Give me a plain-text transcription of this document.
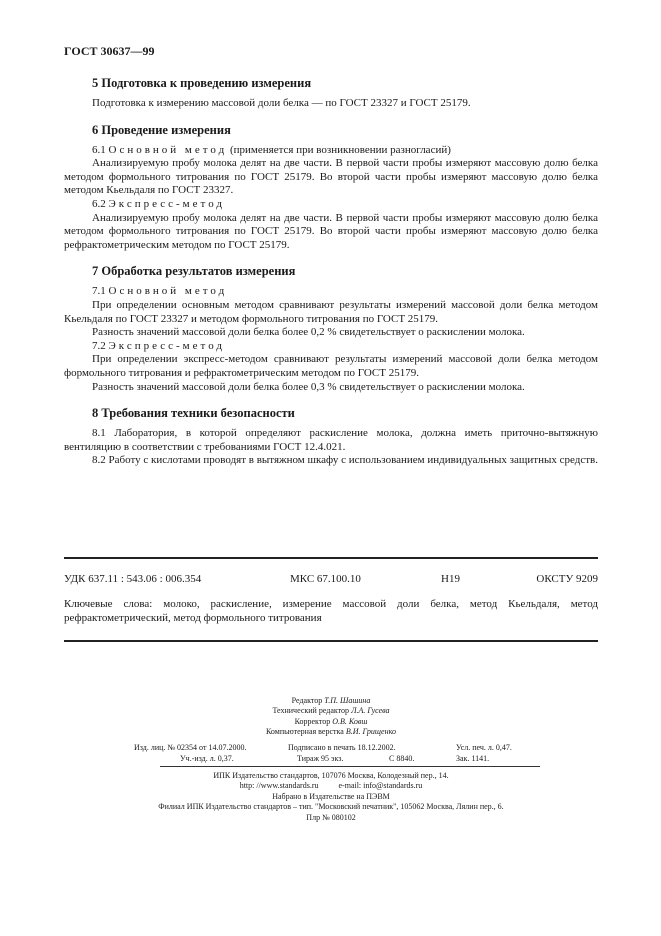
ГОСТ 30637—99
5 Подготовка к проведению измерения

Подготовка к измерению массовой доли белка — по ГОСТ 23327 и ГОСТ 25179.

6 Проведение измерения
6.1 Основной метод (применяется при возникновении разногласий)

Анализируемую пробу молока делят на две части. В первой части пробы измеряют массовую долю белка методом формольного титрования по ГОСТ 25179. Во второй части пробы измеряют массовую долю белка методом Кьельдаля по ГОСТ 23327.

6.2 Экспресс-метод

Анализируемую пробу молока делят на две части. В первой части пробы измеряют массовую долю белка методом формольного титрования по ГОСТ 25179. Во второй части пробы измеряют массовую долю белка рефрактометрическим методом по ГОСТ 25179.

7 Обработка результатов измерения
7.1 Основной метод

При определении основным методом сравнивают результаты измерений массовой доли белка методом Кьельдаля по ГОСТ 23327 и методом формольного титрования по ГОСТ 25179.

Разность значений массовой доли белка более 0,2 % свидетельствует о раскислении молока.

7.2 Экспресс-метод

При определении экспресс-методом сравнивают результаты измерений массовой доли белка методом формольного титрования и рефрактометрическим методом по ГОСТ 25179.

Разность значений массовой доли белка более 0,3 % свидетельствует о раскислении молока.

8 Требования техники безопасности

8.1 Лаборатория, в которой определяют раскисление молока, должна иметь приточно-вытяжную вентиляцию в соответствии с требованиями ГОСТ 12.4.021.

8.2 Работу с кислотами проводят в вытяжном шкафу с использованием индивидуальных защитных средств.

УДК 637.11 : 543.06 : 006.354	МКС 67.100.10	Н19	ОКСТУ 9209
Ключевые слова: молоко, раскисление, измерение массовой доли белка, метод Кьельдаля, метод рефрактометрический, метод формольного титрования
Редактор Т.П. Шашина
Технический редактор Л.А. Гусева
Корректор О.В. Ковш
Компьютерная верстка В.И. Грищенко
Изд. лиц. № 02354 от 14.07.2000.	Подписано в печать 18.12.2002.	Усл. печ. л. 0,47.
Уч.-изд. л. 0,37.	Тираж 95 экз.	С 8840.	Зак. 1141.
ИПК Издательство стандартов, 107076 Москва, Колодезный пер., 14.
http: //www.standards.ru	e-mail: info@standards.ru
Набрано в Издательстве на ПЭВМ
Филиал ИПК Издательство стандартов – тип. "Московский печатник", 105062 Москва, Лялин пер., 6.
Плр № 080102
